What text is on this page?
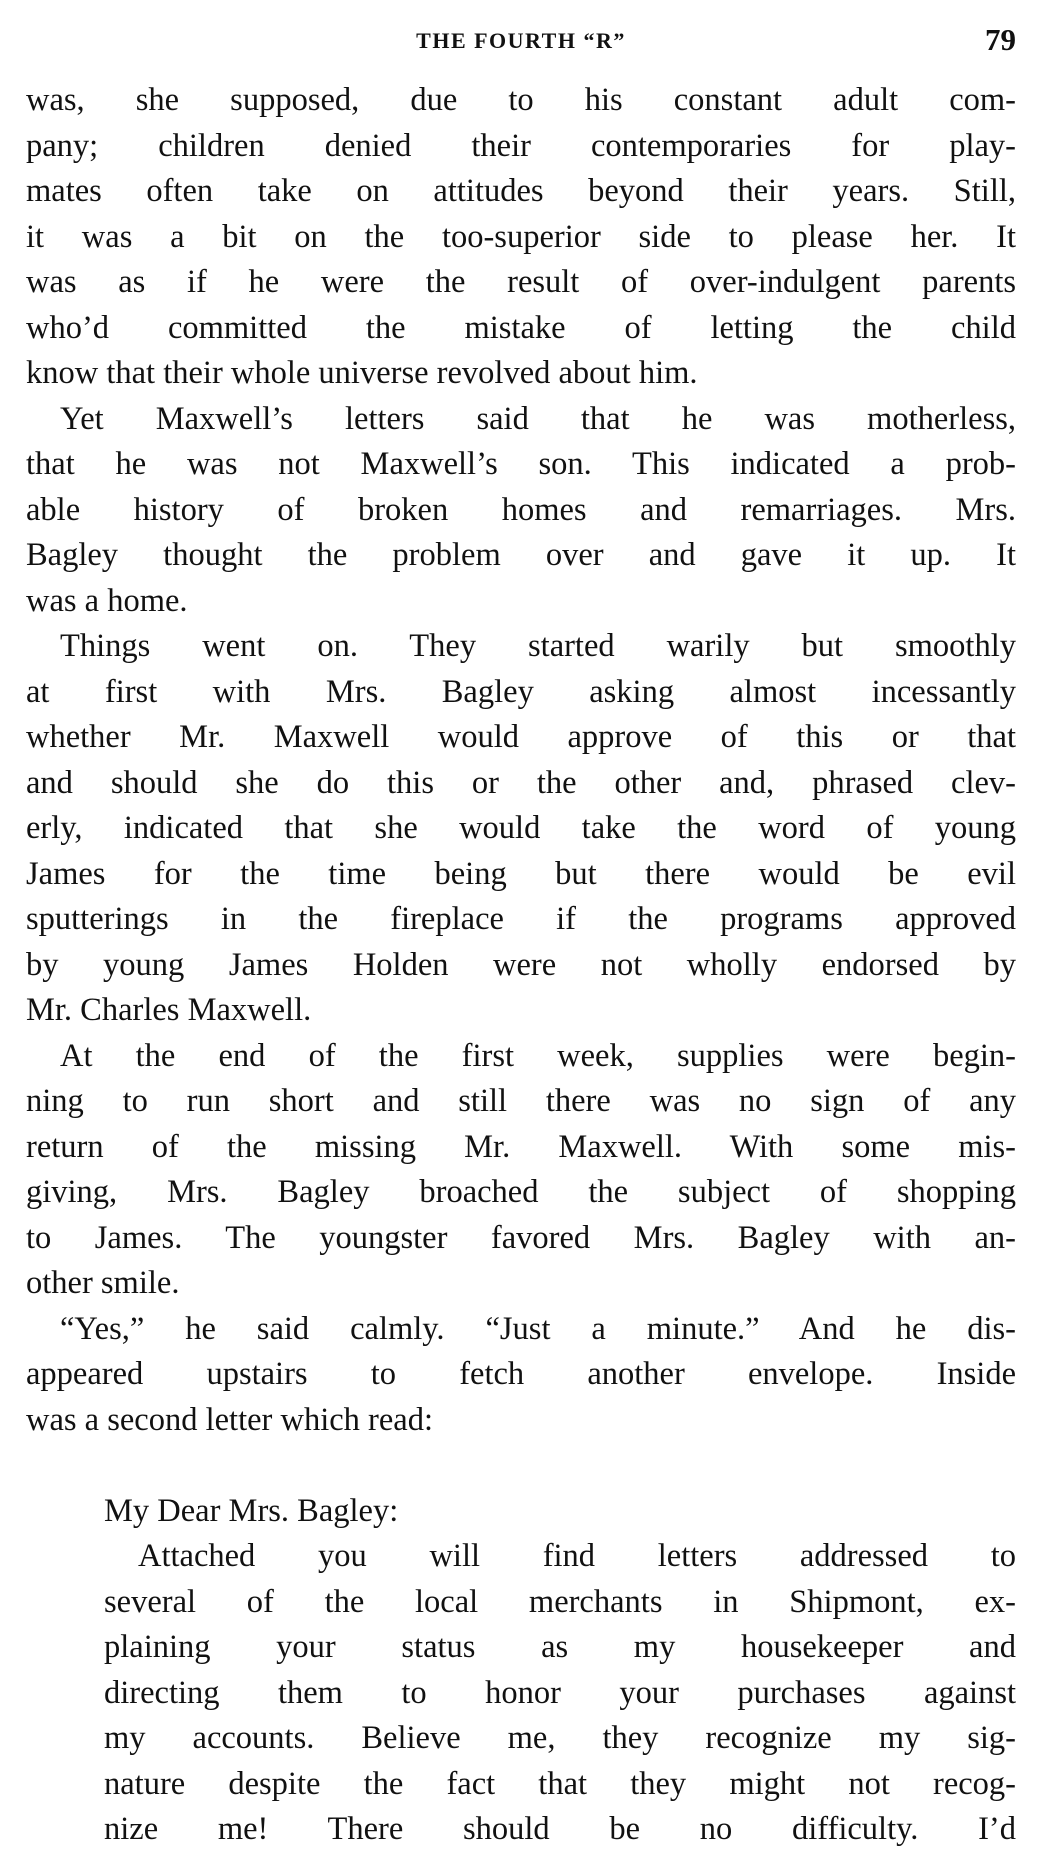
THE FOURTH “R”	79
was, she supposed, due to his constant adult com-
pany; children denied their contemporaries for play-
mates often take on attitudes beyond their years. Still,
it was a bit on the too-superior side to please her. It
was as if he were the result of over-indulgent parents
who’d committed the mistake of letting the child
know that their whole universe revolved about him.
Yet Maxwell’s letters said that he was motherless,
that he was not Maxwell’s son. This indicated a prob-
able history of broken homes and remarriages. Mrs.
Bagley thought the problem over and gave it up. It
was a home.
Things went on. They started warily but smoothly
at first with Mrs. Bagley asking almost incessantly
whether Mr. Maxwell would approve of this or that
and should she do this or the other and, phrased clev-
erly, indicated that she would take the word of young
James for the time being but there would be evil
sputterings in the fireplace if the programs approved
by young James Holden were not wholly endorsed by
Mr. Charles Maxwell.
At the end of the first week, supplies were begin-
ning to run short and still there was no sign of any
return of the missing Mr. Maxwell. With some mis-
giving, Mrs. Bagley broached the subject of shopping
to James. The youngster favored Mrs. Bagley with an-
other smile.
“Yes,” he said calmly. “Just a minute.” And he dis-
appeared upstairs to fetch another envelope. Inside
was a second letter which read:
My Dear Mrs. Bagley:
Attached you will find letters addressed to
several of the local merchants in Shipmont, ex-
plaining your status as my housekeeper and
directing them to honor your purchases against
my accounts. Believe me, they recognize my sig-
nature despite the fact that they might not recog-
nize me! There should be no difficulty. I’d
